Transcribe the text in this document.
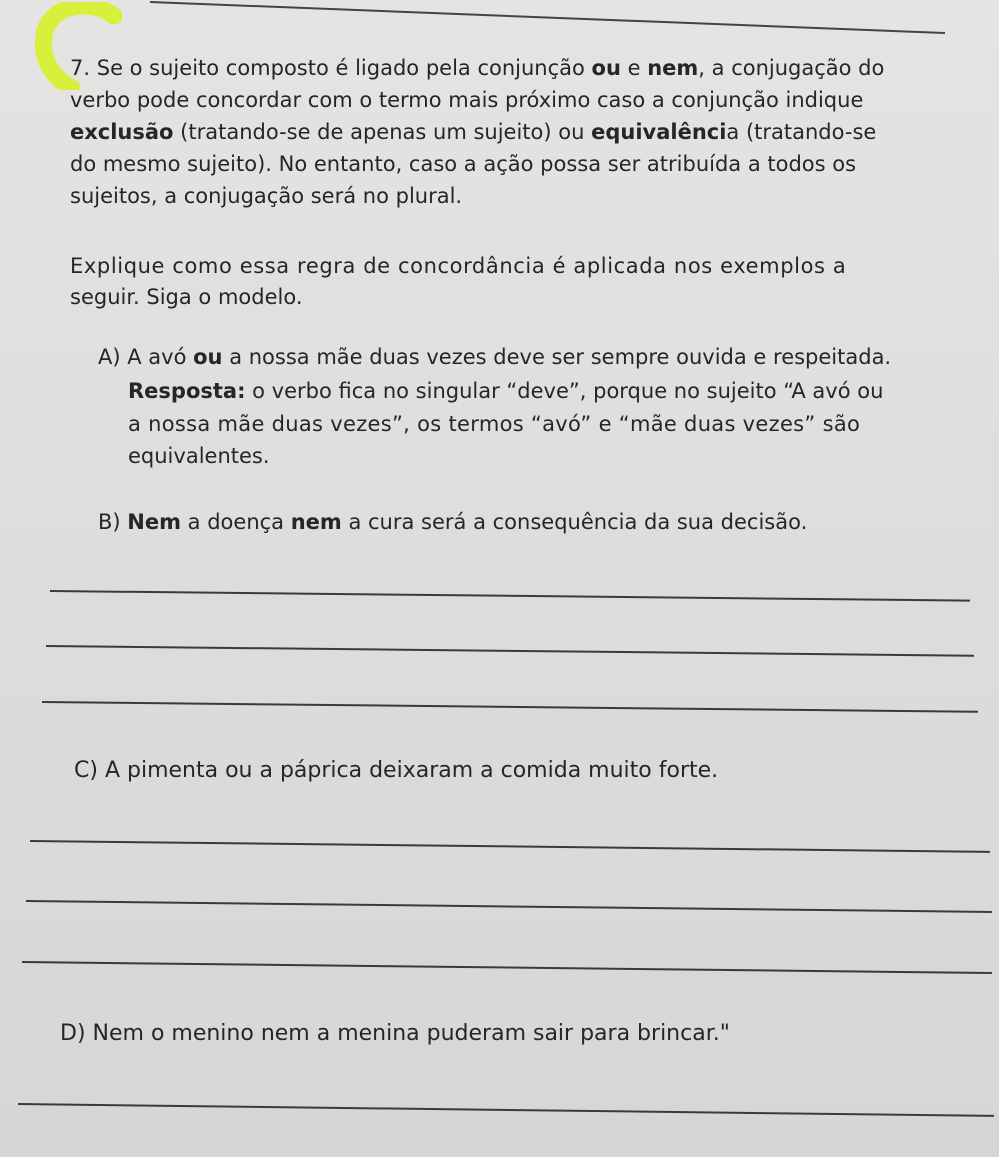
7. Se o sujeito composto é ligado pela conjunção ou e nem, a conjugação do

verbo pode concordar com o termo mais próximo caso a conjunção indique

exclusão (tratando-se de apenas um sujeito) ou equivalência (tratando-se

do mesmo sujeito). No entanto, caso a ação possa ser atribuída a todos os

sujeitos, a conjugação será no plural.

Explique como essa regra de concordância é aplicada nos exemplos a

seguir. Siga o modelo.

A) A avó ou a nossa mãe duas vezes deve ser sempre ouvida e respeitada.

Resposta: o verbo fica no singular “deve”, porque no sujeito “A avó ou

a nossa mãe duas vezes”, os termos “avó” e “mãe duas vezes” são

equivalentes.

B) Nem a doença nem a cura será a consequência da sua decisão.

C) A pimenta ou a páprica deixaram a comida muito forte.

D) Nem o menino nem a menina puderam sair para brincar."
